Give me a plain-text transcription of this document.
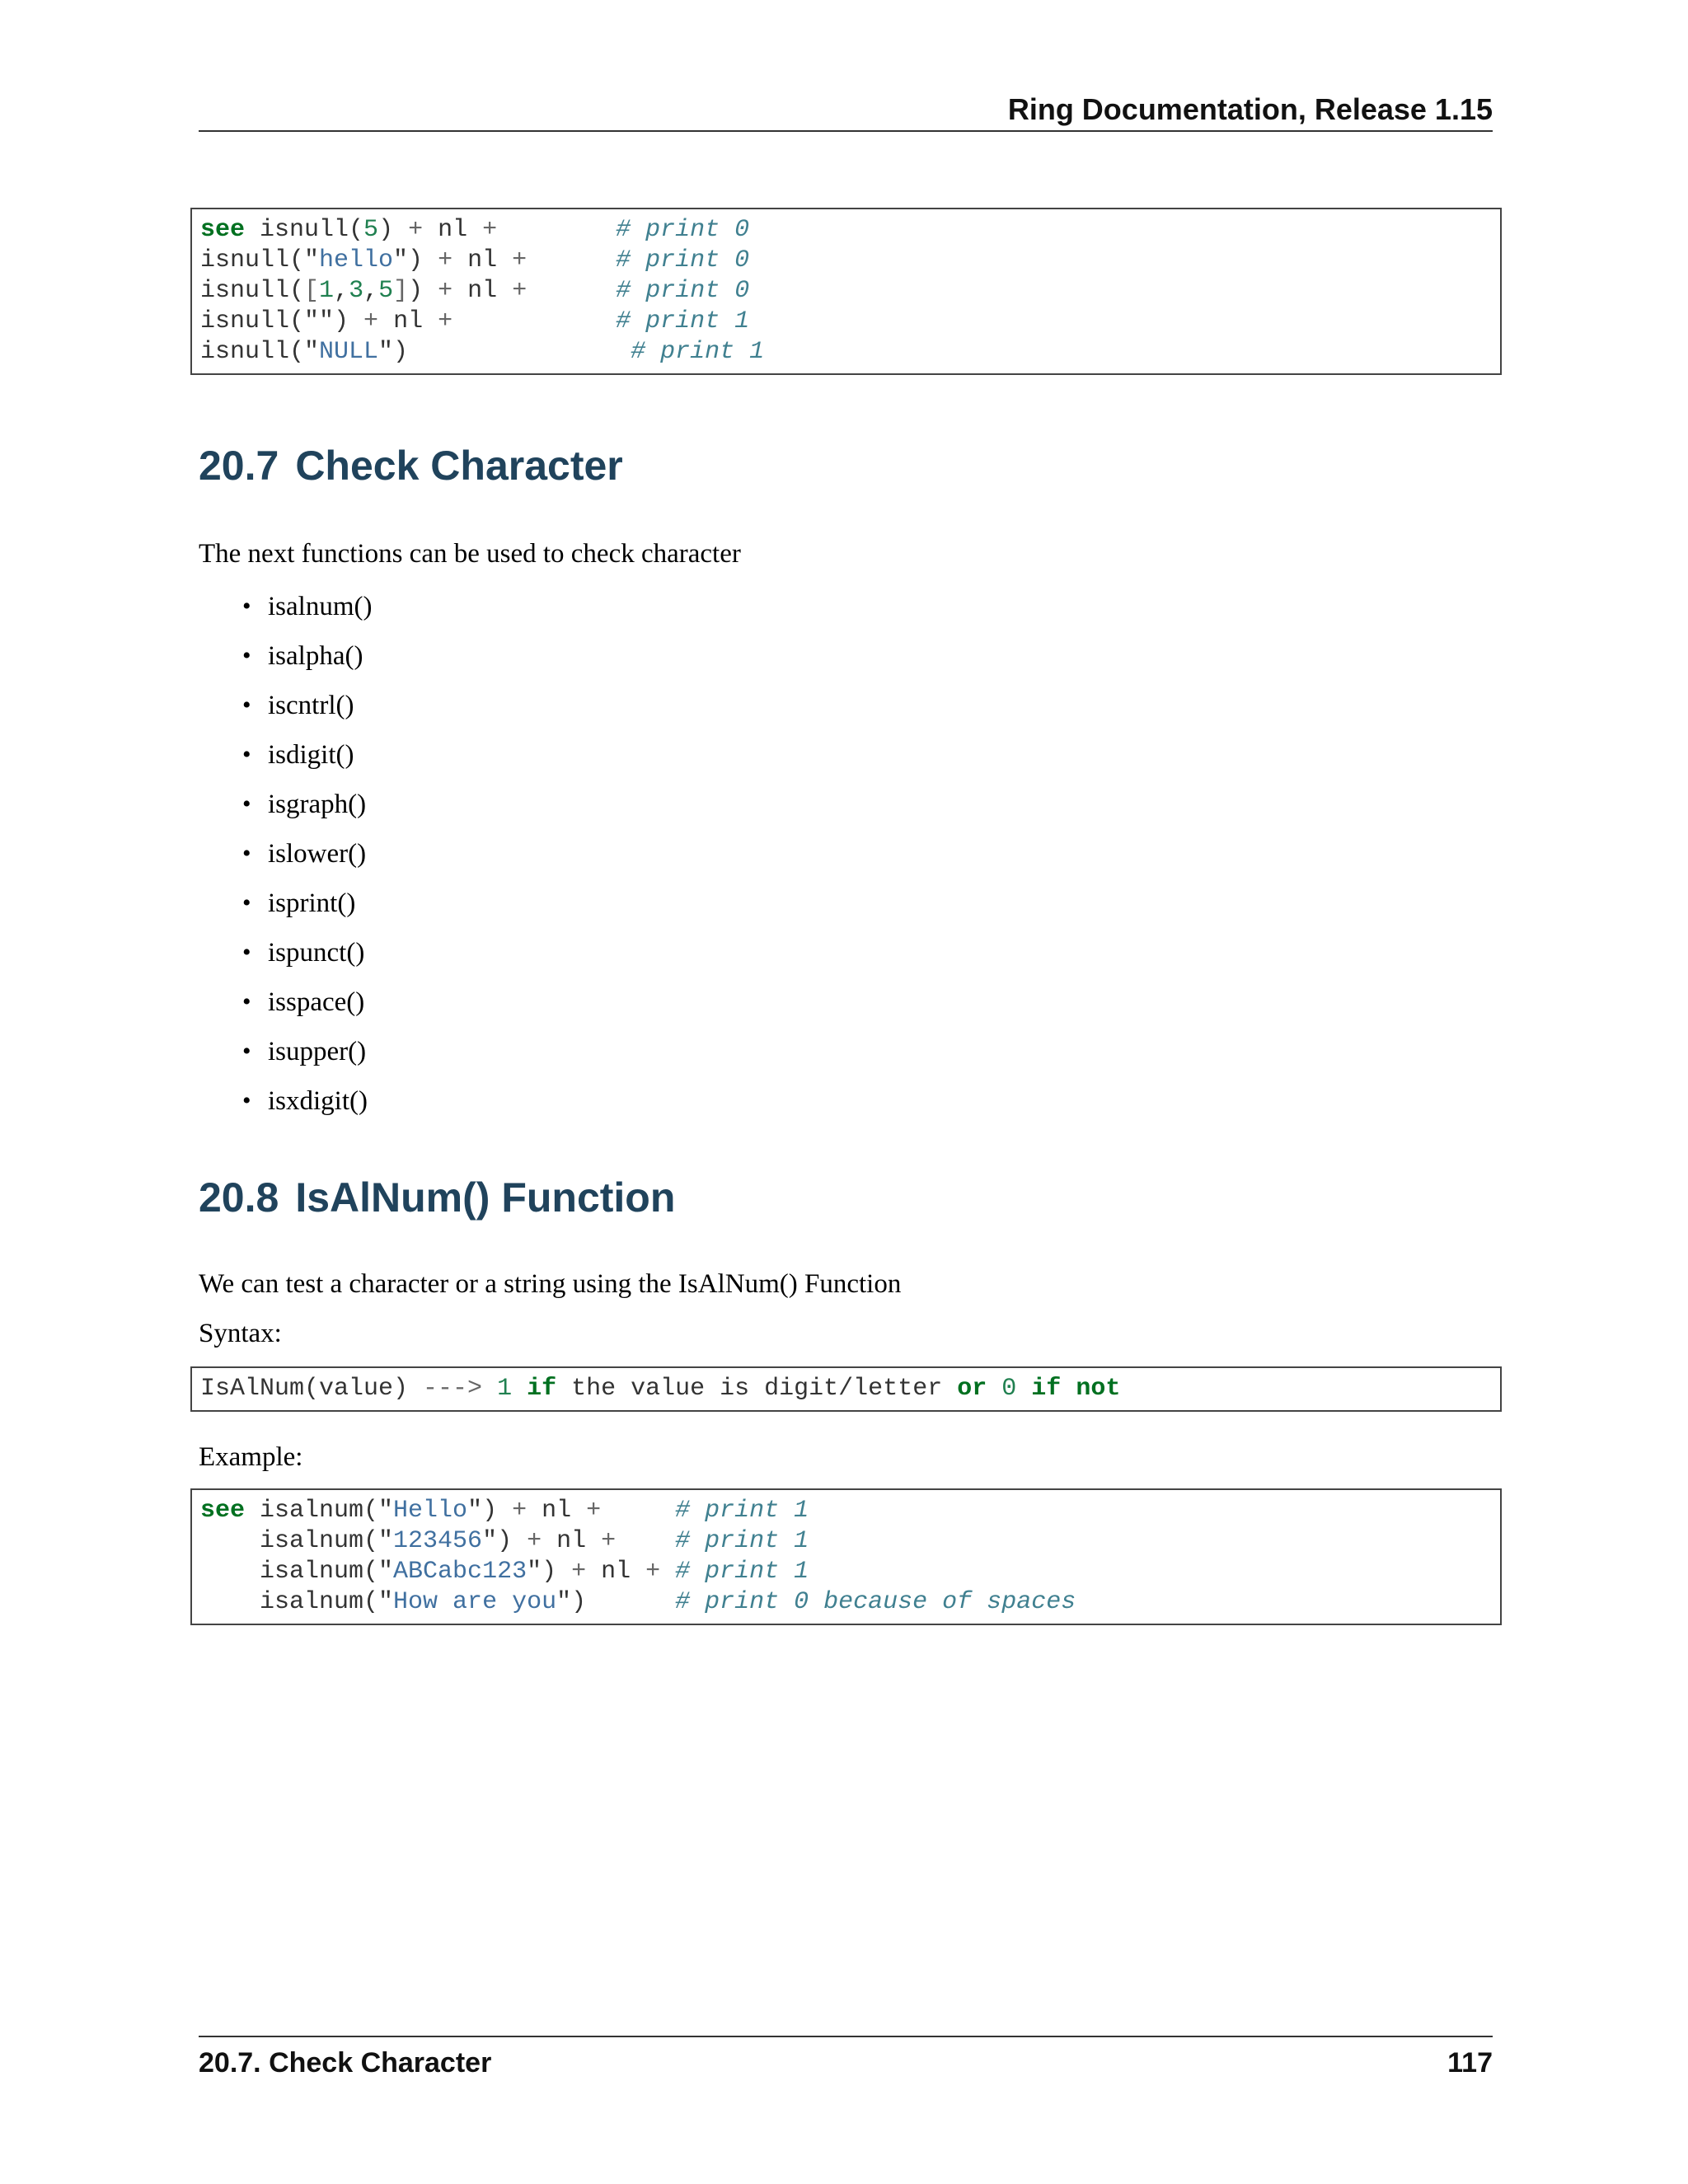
Ring Documentation, Release 1.15
see isnull(5) + nl +	# print 0
isnull("hello") + nl +	# print 0
isnull([1,3,5]) + nl +	# print 0
isnull("") + nl +	# print 1
isnull("NULL")               # print 1
20.7 Check Character

The next functions can be used to check character

• isalnum()
• isalpha()
• iscntrl()
• isdigit()
• isgraph()
• islower()
• isprint()
• ispunct()
• isspace()
• isupper()
• isxdigit()
20.8 IsAlNum() Function

We can test a character or a string using the IsAlNum() Function

Syntax:

IsAlNum(value) ---> 1 if the value is digit/letter or 0 if not

Example:

see isalnum("Hello") + nl +	# print 1
isalnum("123456") + nl + # print 1
isalnum("ABCabc123") + nl + # print 1
isalnum("How are you")      # print 0 because of spaces
20.7. Check Character	117
